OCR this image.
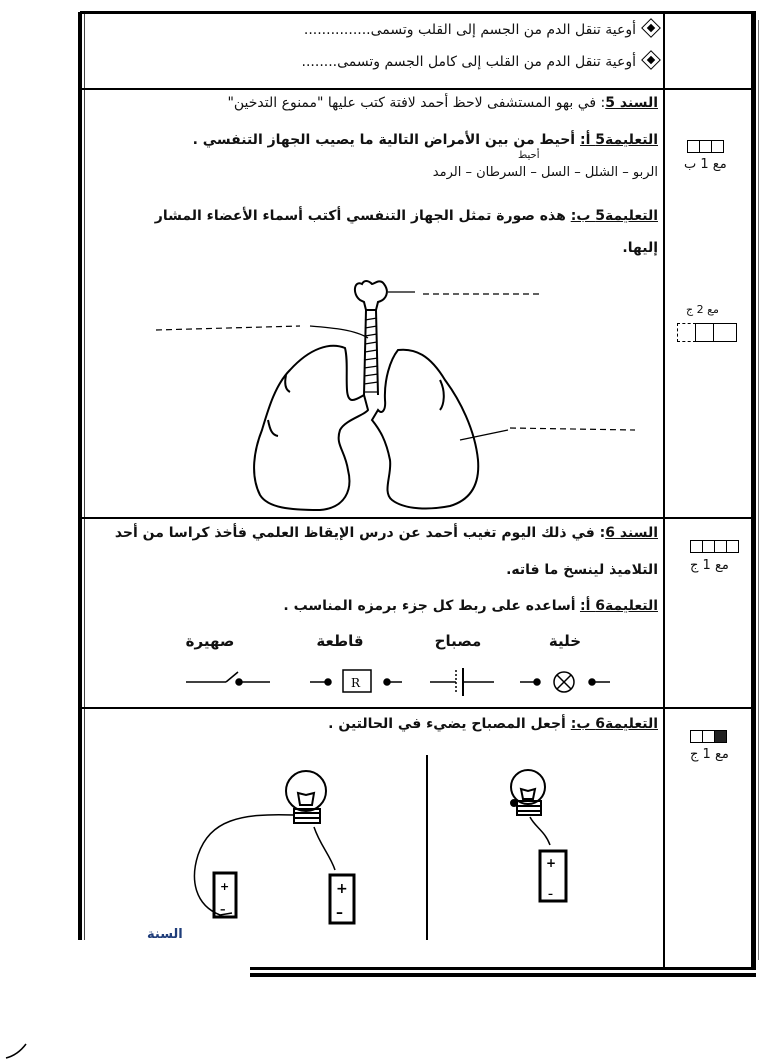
أوعية تنقل الدم من الجسم إلى القلب وتسمى...............
أوعية تنقل الدم من القلب إلى كامل الجسم وتسمى........
السند 5: في بهو المستشفى لاحظ أحمد لافتة كتب عليها "ممنوع التدخين"
التعليمة5 أ: أحيط من بين الأمراض التالية ما يصيب الجهاز التنفسي .
أحيط
الربو – الشلل – السل – السرطان – الرمد
التعليمة5 ب: هذه صورة تمثل الجهاز التنفسي أكتب أسماء الأعضاء المشار
إليها.
مع 1 ب
مع 2 ج
السند 6: في ذلك اليوم تغيب أحمد عن درس الإيقاظ العلمي فأخذ كراسا من أحد
التلاميذ لينسخ ما فاته.
التعليمة6 أ: أساعده على ربط كل جزء برمزه المناسب .
صهيرة	قاطعة	مصباح	خلية
R
مع 1 ج
التعليمة6 ب: أجعل المصباح يضيء في الحالتين .
مع 1 ج
+
–
+
–
+
–
السنة
